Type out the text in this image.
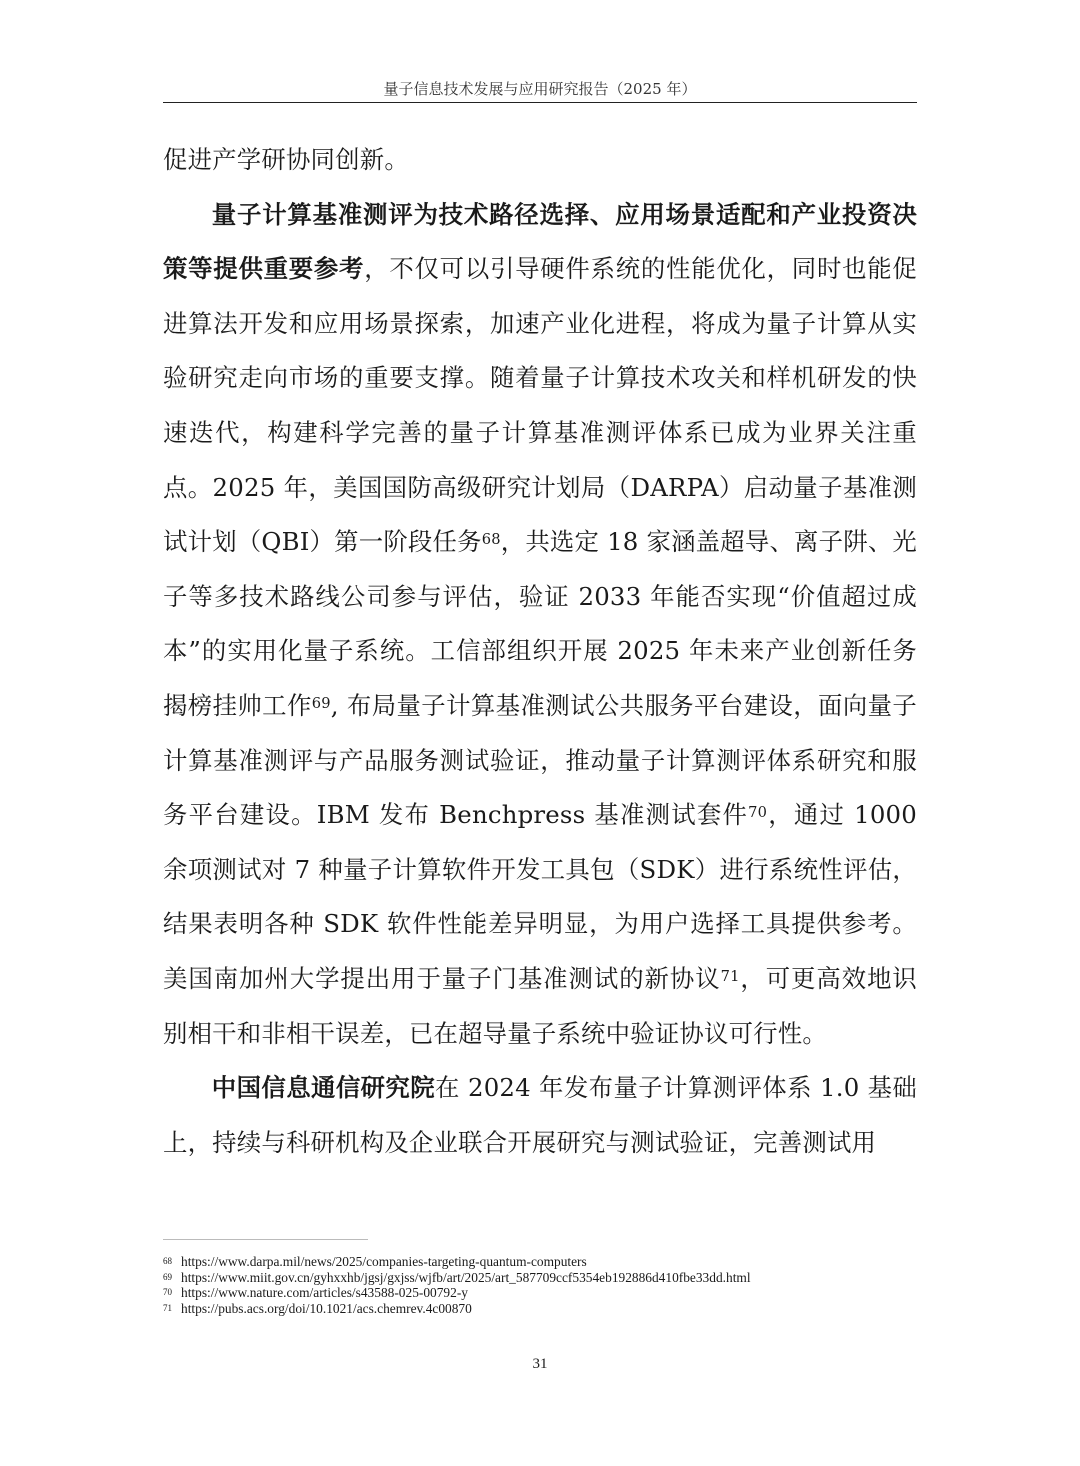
量子信息技术发展与应用研究报告（2025 年）

促进产学研协同创新。

量子计算基准测评为技术路径选择、应用场景适配和产业投资决策等提供重要参考，不仅可以引导硬件系统的性能优化，同时也能促进算法开发和应用场景探索，加速产业化进程，将成为量子计算从实验研究走向市场的重要支撑。随着量子计算技术攻关和样机研发的快速迭代，构建科学完善的量子计算基准测评体系已成为业界关注重点。2025 年，美国国防高级研究计划局（DARPA）启动量子基准测试计划（QBI）第一阶段任务$^{68}$，共选定 18 家涵盖超导、离子阱、光子等多技术路线公司参与评估，验证 2033 年能否实现“价值超过成本”的实用化量子系统。工信部组织开展 2025 年未来产业创新任务揭榜挂帅工作$^{69}$, 布局量子计算基准测试公共服务平台建设，面向量子计算基准测评与产品服务测试验证，推动量子计算测评体系研究和服务平台建设。IBM 发布 Benchpress 基准测试套件$^{70}$，通过 1000 余项测试对 7 种量子计算软件开发工具包（SDK）进行系统性评估，结果表明各种 SDK 软件性能差异明显，为用户选择工具提供参考。美国南加州大学提出用于量子门基准测试的新协议$^{71}$，可更高效地识别相干和非相干误差，已在超导量子系统中验证协议可行性。

中国信息通信研究院在 2024 年发布量子计算测评体系 1.0 基础上，持续与科研机构及企业联合开展研究与测试验证，完善测试用

68 https://www.darpa.mil/news/2025/companies-targeting-quantum-computers
69 https://www.miit.gov.cn/gyhxxhb/jgsj/gxjss/wjfb/art/2025/art_587709ccf5354eb192886d410fbe33dd.html
70 https://www.nature.com/articles/s43588-025-00792-y
71 https://pubs.acs.org/doi/10.1021/acs.chemrev.4c00870
31
